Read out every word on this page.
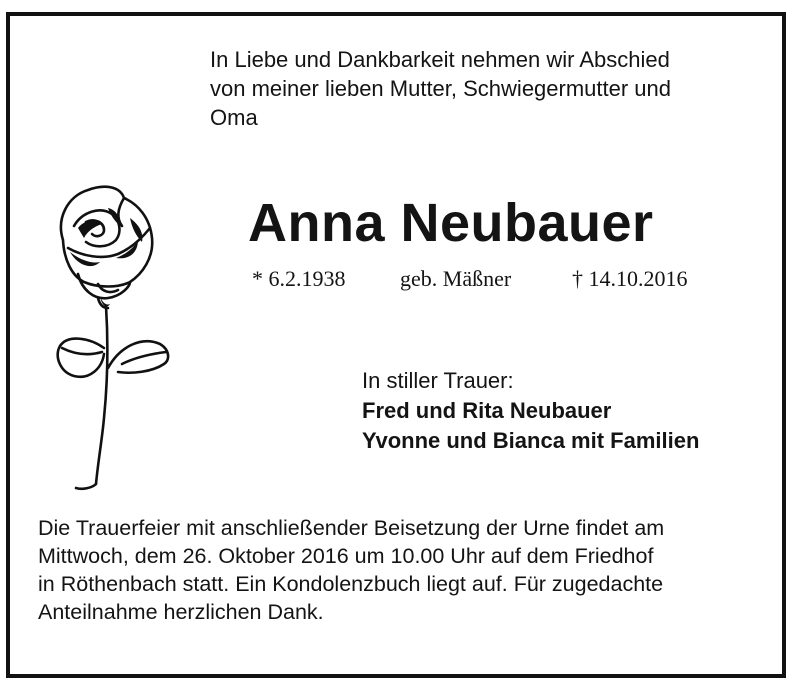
In Liebe und Dankbarkeit nehmen wir Abschied
von meiner lieben Mutter, Schwiegermutter und
Oma
Anna Neubauer
* 6.2.1938 geb. Mäßner	† 14.10.2016
In stiller Trauer:
Fred und Rita Neubauer
Yvonne und Bianca mit Familien
Die Trauerfeier mit anschließender Beisetzung der Urne findet am
Mittwoch, dem 26. Oktober 2016 um 10.00 Uhr auf dem Friedhof
in Röthenbach statt. Ein Kondolenzbuch liegt auf. Für zugedachte
Anteilnahme herzlichen Dank.
